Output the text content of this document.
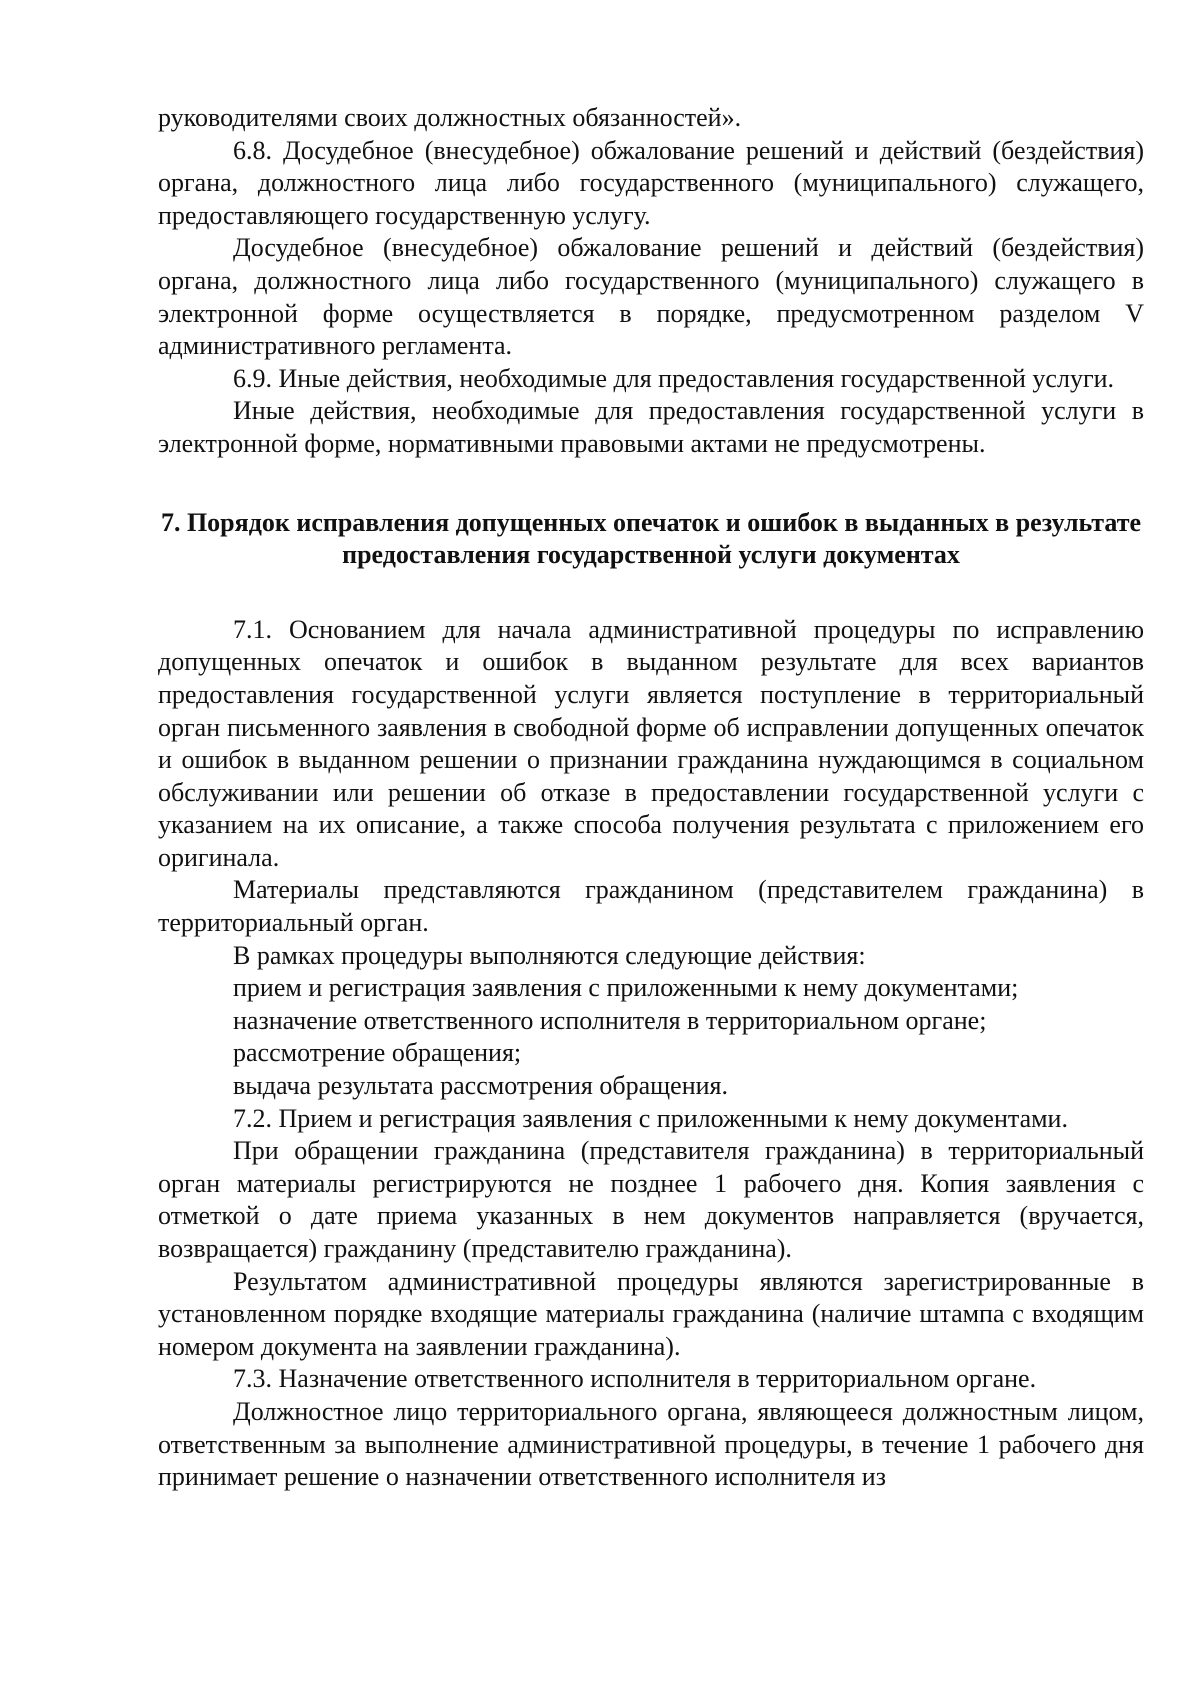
руководителями своих должностных обязанностей».

6.8. Досудебное (внесудебное) обжалование решений и действий (бездействия) органа, должностного лица либо государственного (муниципального) служащего, предоставляющего государственную услугу.

Досудебное (внесудебное) обжалование решений и действий (бездействия) органа, должностного лица либо государственного (муниципального) служащего в электронной форме осуществляется в порядке, предусмотренном разделом V административного регламента.

6.9. Иные действия, необходимые для предоставления государственной услуги.

Иные действия, необходимые для предоставления государственной услуги в электронной форме, нормативными правовыми актами не предусмотрены.

7. Порядок исправления допущенных опечаток и ошибок в выданных в результате предоставления государственной услуги документах

7.1. Основанием для начала административной процедуры по исправлению допущенных опечаток и ошибок в выданном результате для всех вариантов предоставления государственной услуги является поступление в территориальный орган письменного заявления в свободной форме об исправлении допущенных опечаток и ошибок в выданном решении о признании гражданина нуждающимся в социальном обслуживании или решении об отказе в предоставлении государственной услуги с указанием на их описание, а также способа получения результата с приложением его оригинала.

Материалы представляются гражданином (представителем гражданина) в территориальный орган.

В рамках процедуры выполняются следующие действия:

прием и регистрация заявления с приложенными к нему документами;

назначение ответственного исполнителя в территориальном органе;

рассмотрение обращения;

выдача результата рассмотрения обращения.

7.2. Прием и регистрация заявления с приложенными к нему документами.

При обращении гражданина (представителя гражданина) в территориальный орган материалы регистрируются не позднее 1 рабочего дня. Копия заявления с отметкой о дате приема указанных в нем документов направляется (вручается, возвращается) гражданину (представителю гражданина).

Результатом административной процедуры являются зарегистрированные в установленном порядке входящие материалы гражданина (наличие штампа с входящим номером документа на заявлении гражданина).

7.3. Назначение ответственного исполнителя в территориальном органе.

Должностное лицо территориального органа, являющееся должностным лицом, ответственным за выполнение административной процедуры, в течение 1 рабочего дня принимает решение о назначении ответственного исполнителя из
